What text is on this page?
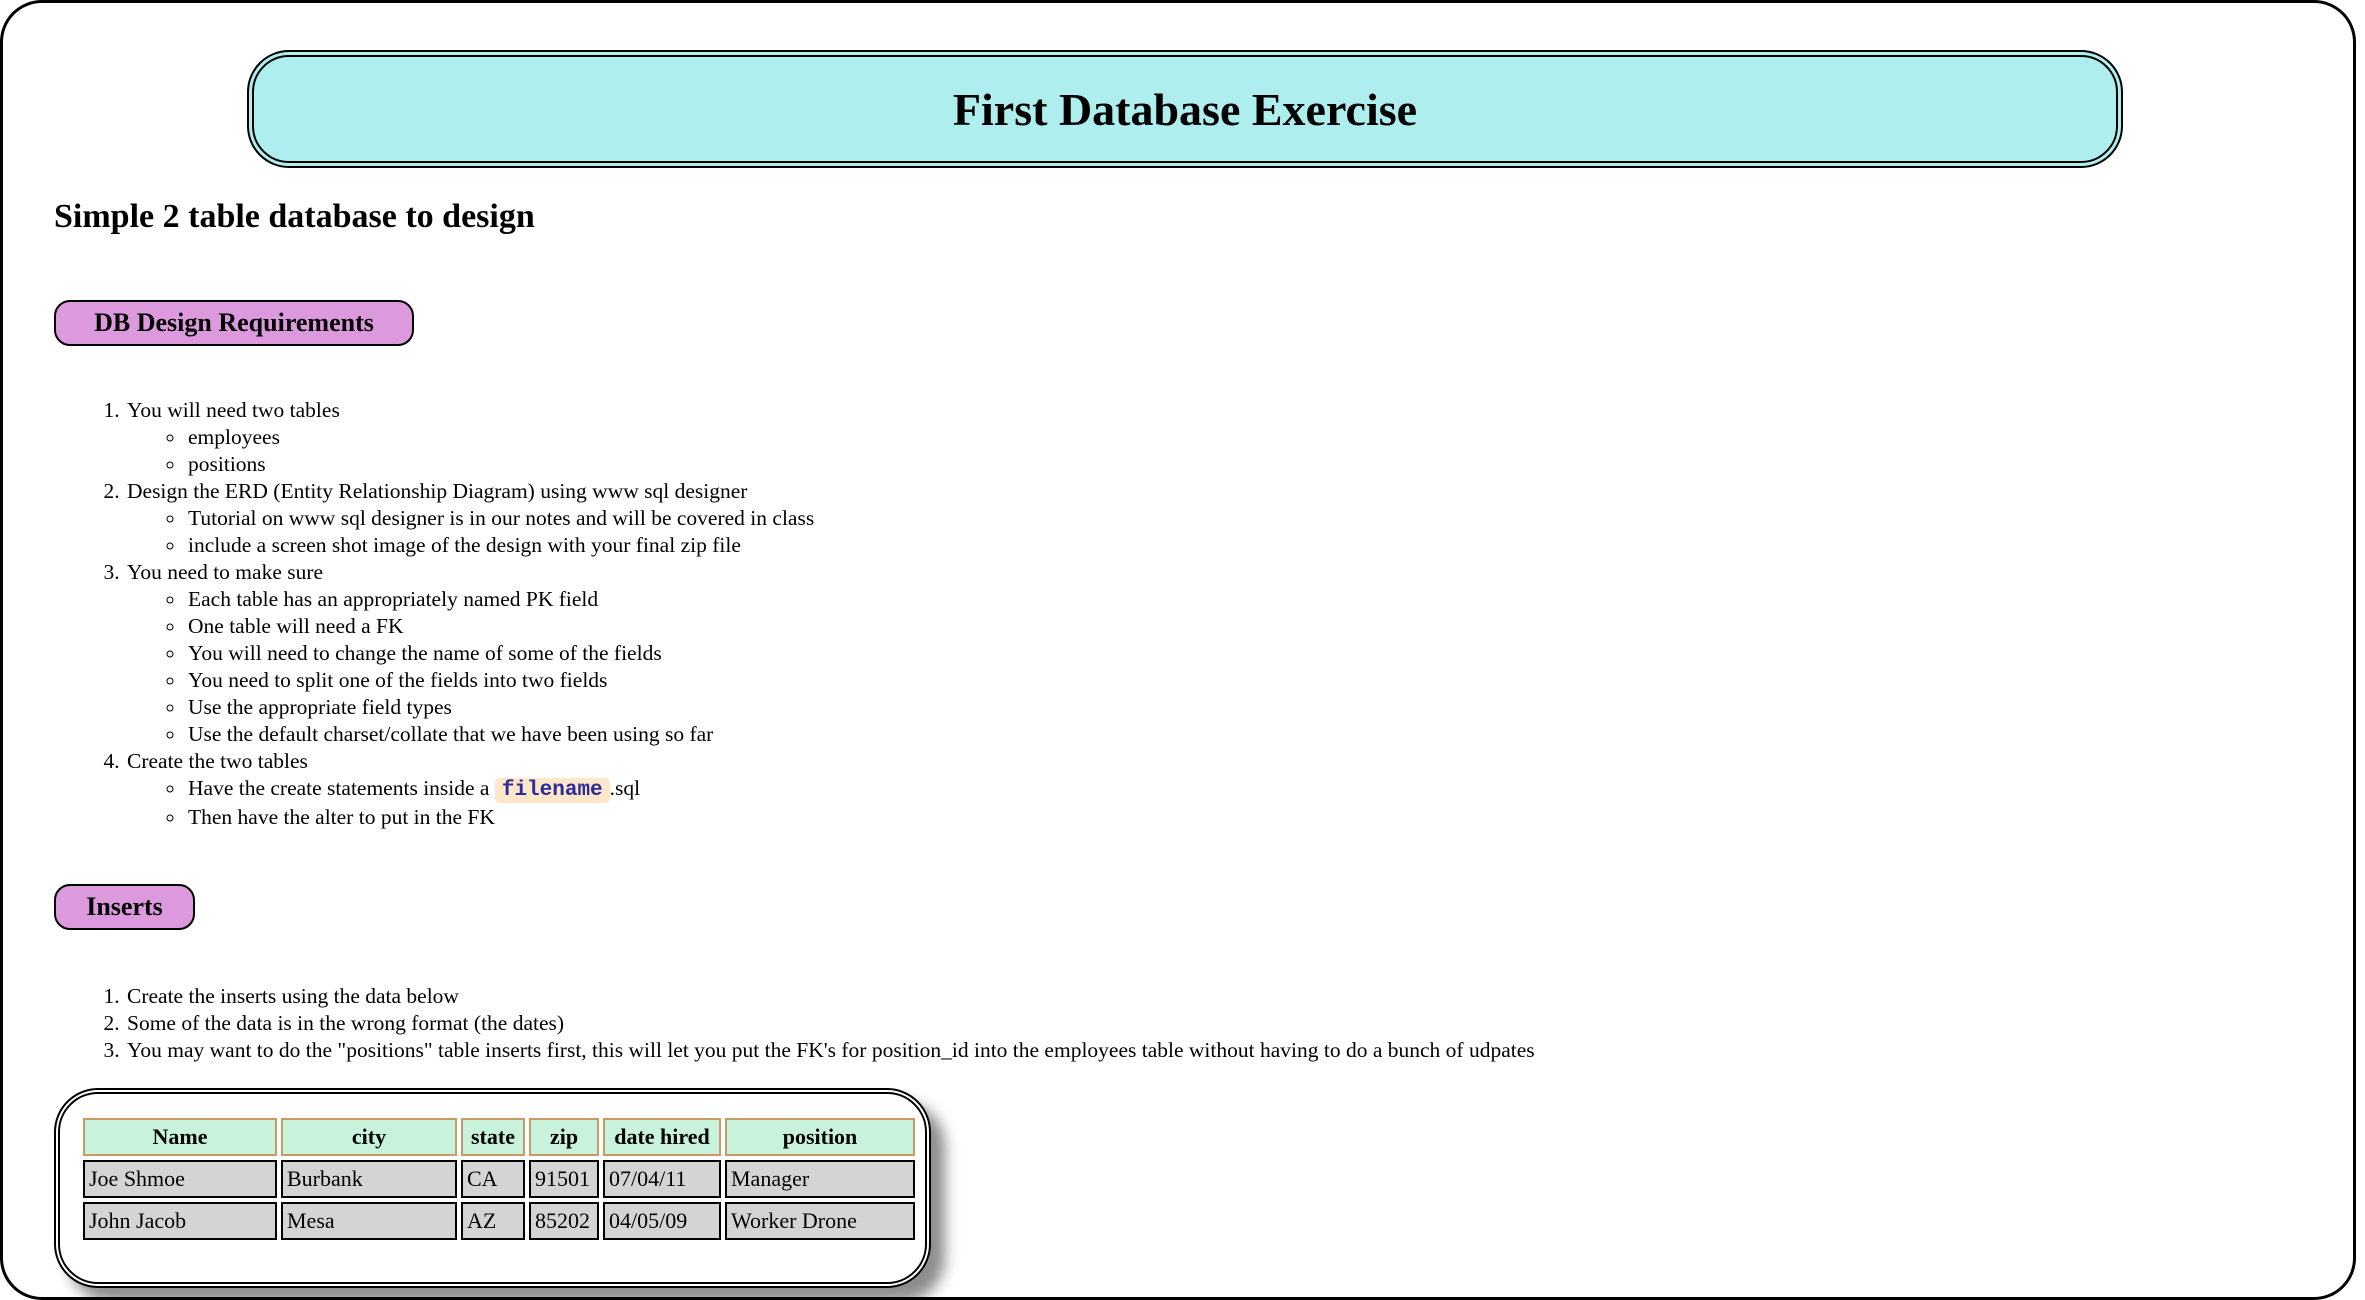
First Database Exercise
Simple 2 table database to design
DB Design Requirements
1. You will need two tables
◦ employees
◦ positions
2. Design the ERD (Entity Relationship Diagram) using www sql designer
◦ Tutorial on www sql designer is in our notes and will be covered in class
◦ include a screen shot image of the design with your final zip file
3. You need to make sure
◦ Each table has an appropriately named PK field
◦ One table will need a FK
◦ You will need to change the name of some of the fields
◦ You need to split one of the fields into two fields
◦ Use the appropriate field types
◦ Use the default charset/collate that we have been using so far
4. Create the two tables
◦ Have the create statements inside a filename .sql
◦ Then have the alter to put in the FK
Inserts
1. Create the inserts using the data below
2. Some of the data is in the wrong format (the dates)
3. You may want to do the "positions" table inserts first, this will let you put the FK's for position_id into the employees table without having to do a bunch of udpates
Name	city	state	zip	date hired	position
Joe Shmoe	Burbank	CA	91501	07/04/11	Manager
John Jacob	Mesa	AZ	85202	04/05/09	Worker Drone
